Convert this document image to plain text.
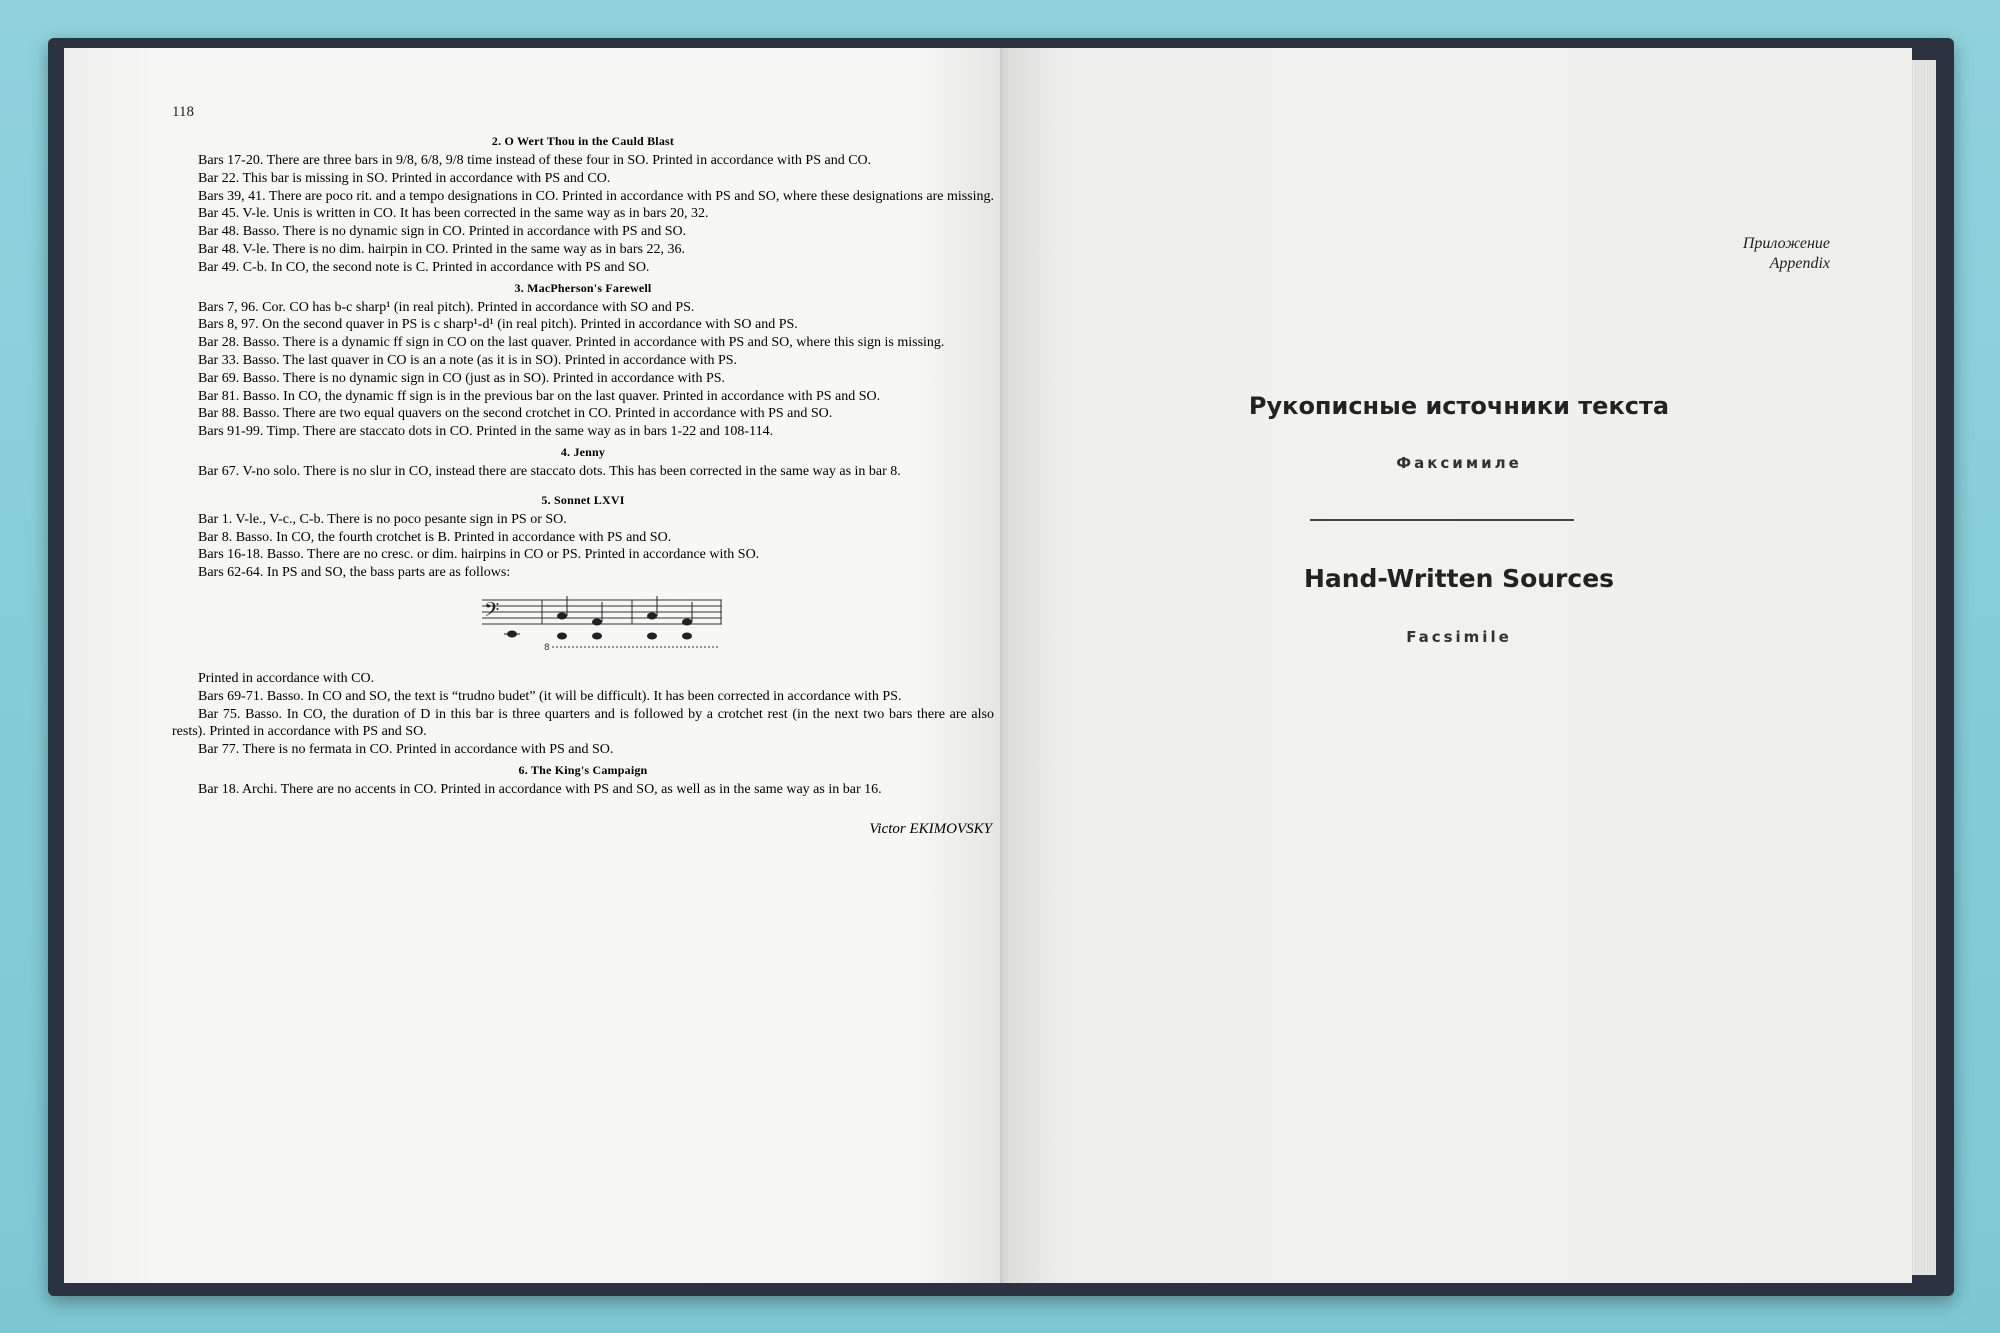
118
2. O Wert Thou in the Cauld Blast

Bars 17-20. There are three bars in 9/8, 6/8, 9/8 time instead of these four in SO. Printed in accordance with PS and CO.

Bar 22. This bar is missing in SO. Printed in accordance with PS and CO.

Bars 39, 41. There are poco rit. and a tempo designations in CO. Printed in accordance with PS and SO, where these designations are missing.

Bar 45. V-le. Unis is written in CO. It has been corrected in the same way as in bars 20, 32.

Bar 48. Basso. There is no dynamic sign in CO. Printed in accordance with PS and SO.

Bar 48. V-le. There is no dim. hairpin in CO. Printed in the same way as in bars 22, 36.

Bar 49. C-b. In CO, the second note is C. Printed in accordance with PS and SO.

3. MacPherson's Farewell

Bars 7, 96. Cor. CO has b-c sharp¹ (in real pitch). Printed in accordance with SO and PS.

Bars 8, 97. On the second quaver in PS is c sharp¹-d¹ (in real pitch). Printed in accordance with SO and PS.

Bar 28. Basso. There is a dynamic ff sign in CO on the last quaver. Printed in accordance with PS and SO, where this sign is missing.

Bar 33. Basso. The last quaver in CO is an a note (as it is in SO). Printed in accordance with PS.

Bar 69. Basso. There is no dynamic sign in CO (just as in SO). Printed in accordance with PS.

Bar 81. Basso. In CO, the dynamic ff sign is in the previous bar on the last quaver. Printed in accordance with PS and SO.

Bar 88. Basso. There are two equal quavers on the second crotchet in CO. Printed in accordance with PS and SO.

Bars 91-99. Timp. There are staccato dots in CO. Printed in the same way as in bars 1-22 and 108-114.

4. Jenny

Bar 67. V-no solo. There is no slur in CO, instead there are staccato dots. This has been corrected in the same way as in bar 8.

5. Sonnet LXVI

Bar 1. V-le., V-c., C-b. There is no poco pesante sign in PS or SO.

Bar 8. Basso. In CO, the fourth crotchet is B. Printed in accordance with PS and SO.

Bars 16-18. Basso. There are no cresc. or dim. hairpins in CO or PS. Printed in accordance with SO.

Bars 62-64. In PS and SO, the bass parts are as follows:

𝄢
8

Printed in accordance with CO.

Bars 69-71. Basso. In CO and SO, the text is “trudno budet” (it will be difficult). It has been corrected in accordance with PS.

Bar 75. Basso. In CO, the duration of D in this bar is three quarters and is followed by a crotchet rest (in the next two bars there are also rests). Printed in accordance with PS and SO.

Bar 77. There is no fermata in CO. Printed in accordance with PS and SO.

6. The King's Campaign

Bar 18. Archi. There are no accents in CO. Printed in accordance with PS and SO, as well as in the same way as in bar 16.

Victor EKIMOVSKY
Приложение
Appendix
Рукописные источники текста
Факсимиле
Hand-Written Sources
Facsimile
